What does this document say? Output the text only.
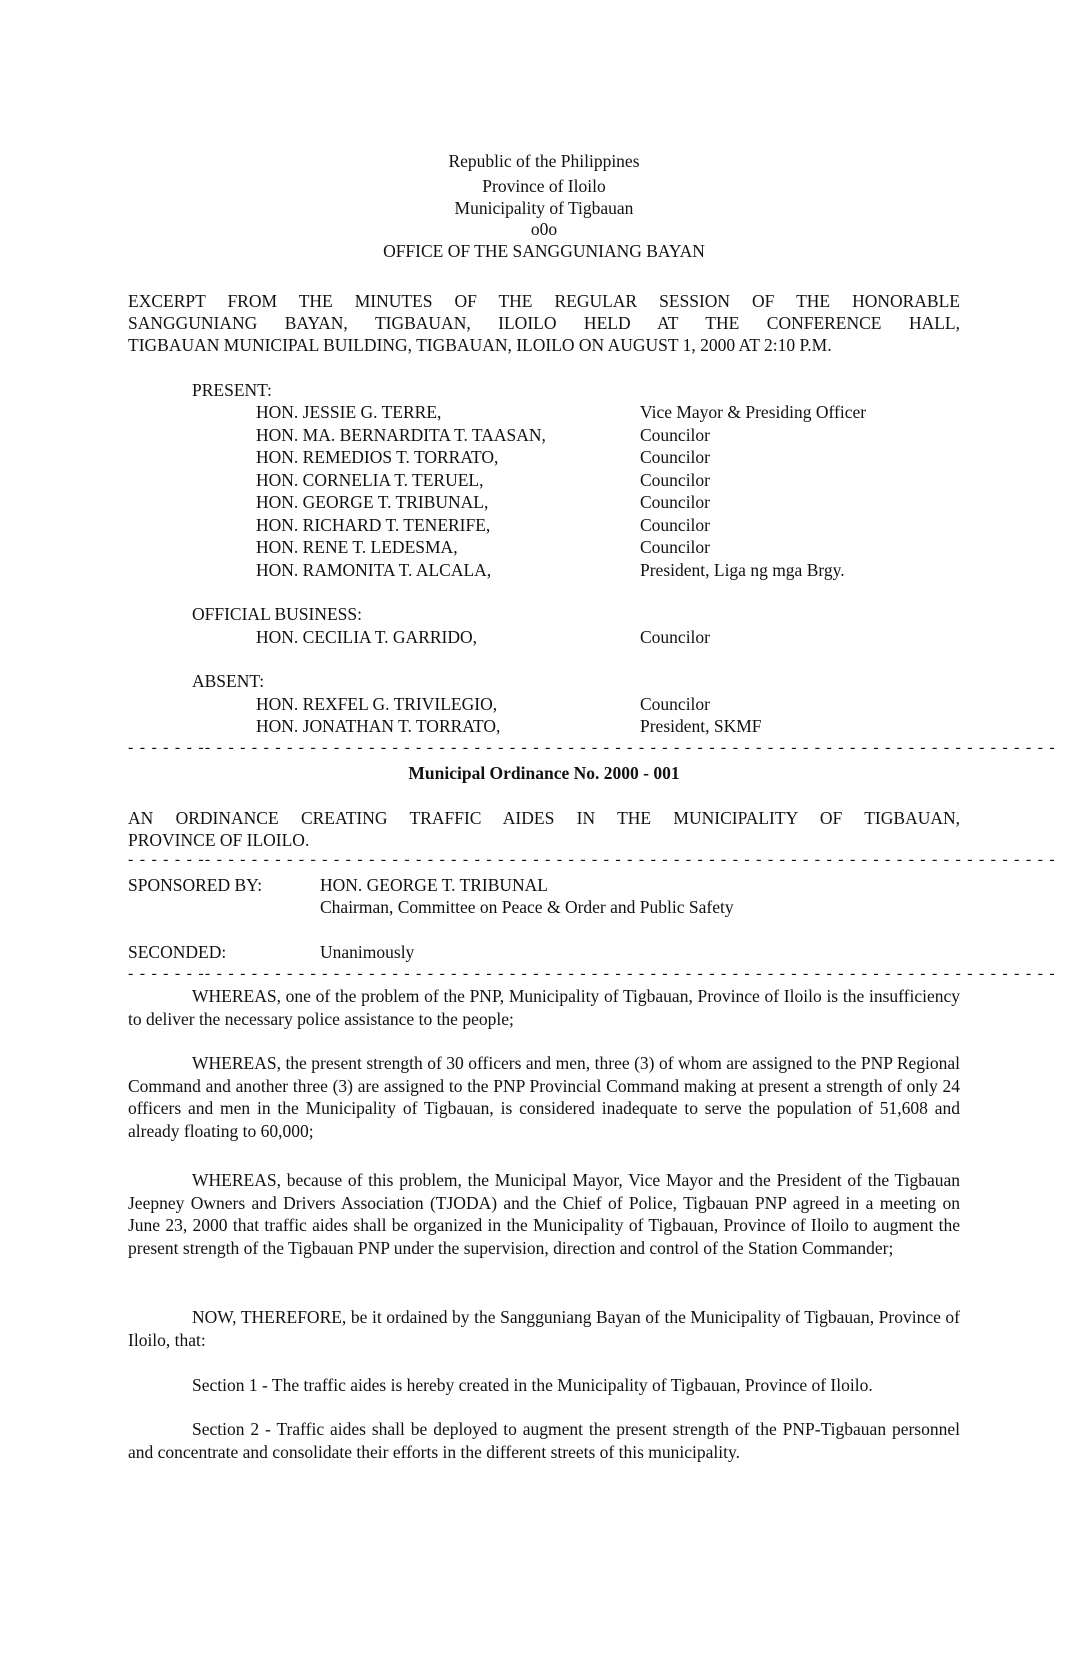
Republic of the Philippines
Province of Iloilo
Municipality of Tigbauan
o0o
OFFICE OF THE SANGGUNIANG BAYAN
EXCERPT FROM THE MINUTES OF THE REGULAR SESSION OF THE HONORABLE
SANGGUNIANG BAYAN, TIGBAUAN, ILOILO HELD AT THE CONFERENCE HALL,
TIGBAUAN MUNICIPAL BUILDING, TIGBAUAN, ILOILO ON AUGUST 1, 2000 AT 2:10 P.M.
PRESENT:
HON. JESSIE G. TERRE,	Vice Mayor & Presiding Officer
HON. MA. BERNARDITA T. TAASAN,	Councilor
HON. REMEDIOS T. TORRATO,	Councilor
HON. CORNELIA T. TERUEL,	Councilor
HON. GEORGE T. TRIBUNAL,	Councilor
HON. RICHARD T. TENERIFE,	Councilor
HON. RENE T. LEDESMA,	Councilor
HON. RAMONITA T. ALCALA,	President, Liga ng mga Brgy.
OFFICIAL BUSINESS:
HON. CECILIA T. GARRIDO,	Councilor
ABSENT:
HON. REXFEL G. TRIVILEGIO,	Councilor
HON. JONATHAN T. TORRATO,	President, SKMF
- - - - - - -- - - - - - - - - - - - - - - - - - - - - - - - - - - - - - - - - - - - - - - - - - - - - - - - - - - - - - - - - - - - - - - - - - - - - - - - -
Municipal Ordinance No. 2000 - 001
AN ORDINANCE CREATING TRAFFIC AIDES IN THE MUNICIPALITY OF TIGBAUAN,
PROVINCE OF ILOILO.
- - - - - - -- - - - - - - - - - - - - - - - - - - - - - - - - - - - - - - - - - - - - - - - - - - - - - - - - - - - - - - - - - - - - - - - - - - - - - - - -
SPONSORED BY:	HON. GEORGE T. TRIBUNAL
Chairman, Committee on Peace & Order and Public Safety
SECONDED:	Unanimously
- - - - - - -- - - - - - - - - - - - - - - - - - - - - - - - - - - - - - - - - - - - - - - - - - - - - - - - - - - - - - - - - - - - - - - - - - - - - - - - -
WHEREAS, one of the problem of the PNP, Municipality of Tigbauan, Province of Iloilo is the insufficiency to deliver the necessary police assistance to the people;
WHEREAS, the present strength of 30 officers and men, three (3) of whom are assigned to the PNP Regional Command and another three (3) are assigned to the PNP Provincial Command making at present a strength of only 24 officers and men in the Municipality of Tigbauan, is considered inadequate to serve the population of 51,608 and already floating to 60,000;
WHEREAS, because of this problem, the Municipal Mayor, Vice Mayor and the President of the Tigbauan Jeepney Owners and Drivers Association (TJODA) and the Chief of Police, Tigbauan PNP agreed in a meeting on June 23, 2000 that traffic aides shall be organized in the Municipality of Tigbauan, Province of Iloilo to augment the present strength of the Tigbauan PNP under the supervision, direction and control of the Station Commander;
NOW, THEREFORE, be it ordained by the Sangguniang Bayan of the Municipality of Tigbauan, Province of Iloilo, that:
Section 1 - The traffic aides is hereby created in the Municipality of Tigbauan, Province of Iloilo.
Section 2 - Traffic aides shall be deployed to augment the present strength of the PNP-Tigbauan personnel and concentrate and consolidate their efforts in the different streets of this municipality.
